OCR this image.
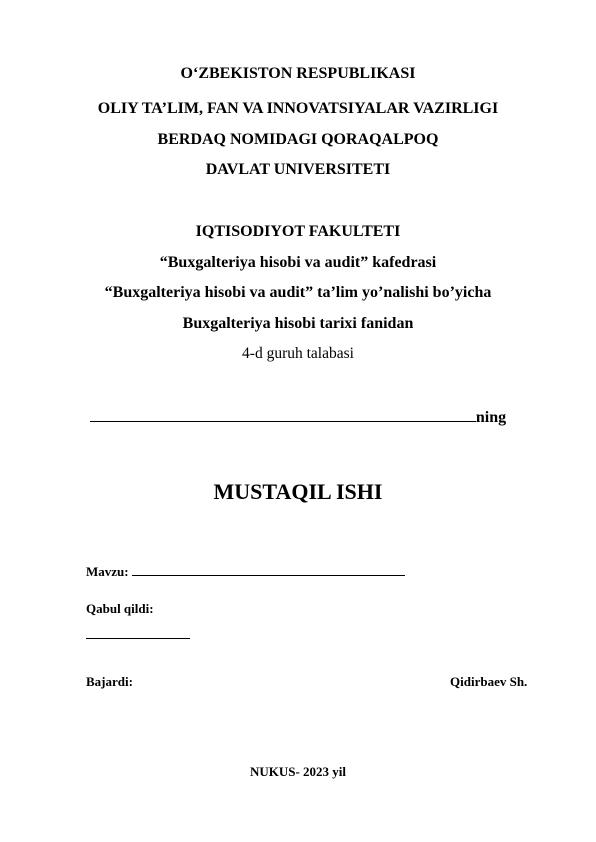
O‘ZBEKISTON RESPUBLIKASI
OLIY TA’LIM, FAN VA INNOVATSIYALAR VAZIRLIGI
BERDAQ NOMIDAGI QORAQALPOQ
DAVLAT UNIVERSITETI
IQTISODIYOT FAKULTETI
“Buxgalteriya hisobi va audit” kafedrasi
“Buxgalteriya hisobi va audit” ta’lim yo’nalishi bo’yicha
Buxgalteriya hisobi tarixi fanidan
4-d guruh talabasi
ning
MUSTAQIL ISHI
Mavzu:
Qabul qildi:
Bajardi:	Qidirbaev Sh.
NUKUS- 2023 yil
